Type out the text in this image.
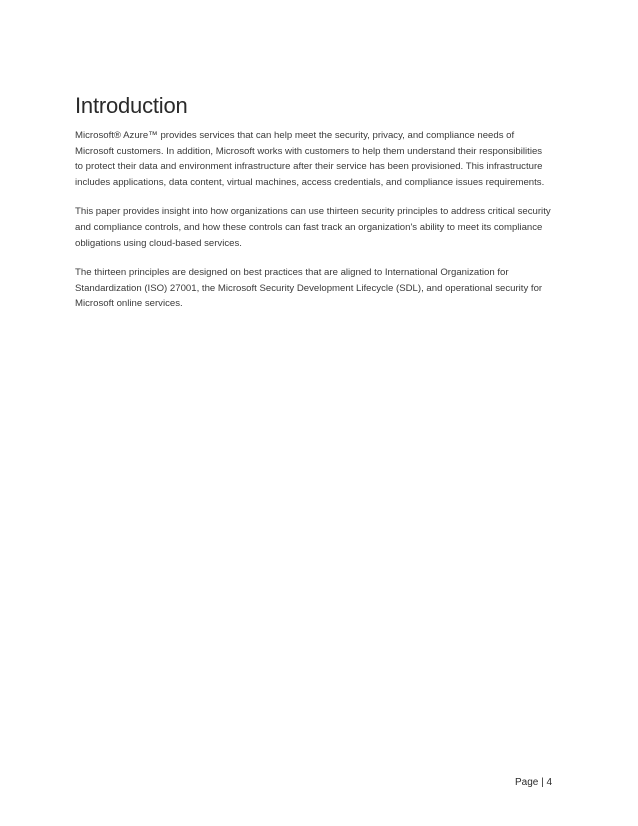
Introduction

Microsoft® Azure™ provides services that can help meet the security, privacy, and compliance needs of
Microsoft customers. In addition, Microsoft works with customers to help them understand their responsibilities
to protect their data and environment infrastructure after their service has been provisioned. This infrastructure
includes applications, data content, virtual machines, access credentials, and compliance issues requirements.

This paper provides insight into how organizations can use thirteen security principles to address critical security
and compliance controls, and how these controls can fast track an organization's ability to meet its compliance
obligations using cloud-based services.

The thirteen principles are designed on best practices that are aligned to International Organization for
Standardization (ISO) 27001, the Microsoft Security Development Lifecycle (SDL), and operational security for
Microsoft online services.

Page | 4
